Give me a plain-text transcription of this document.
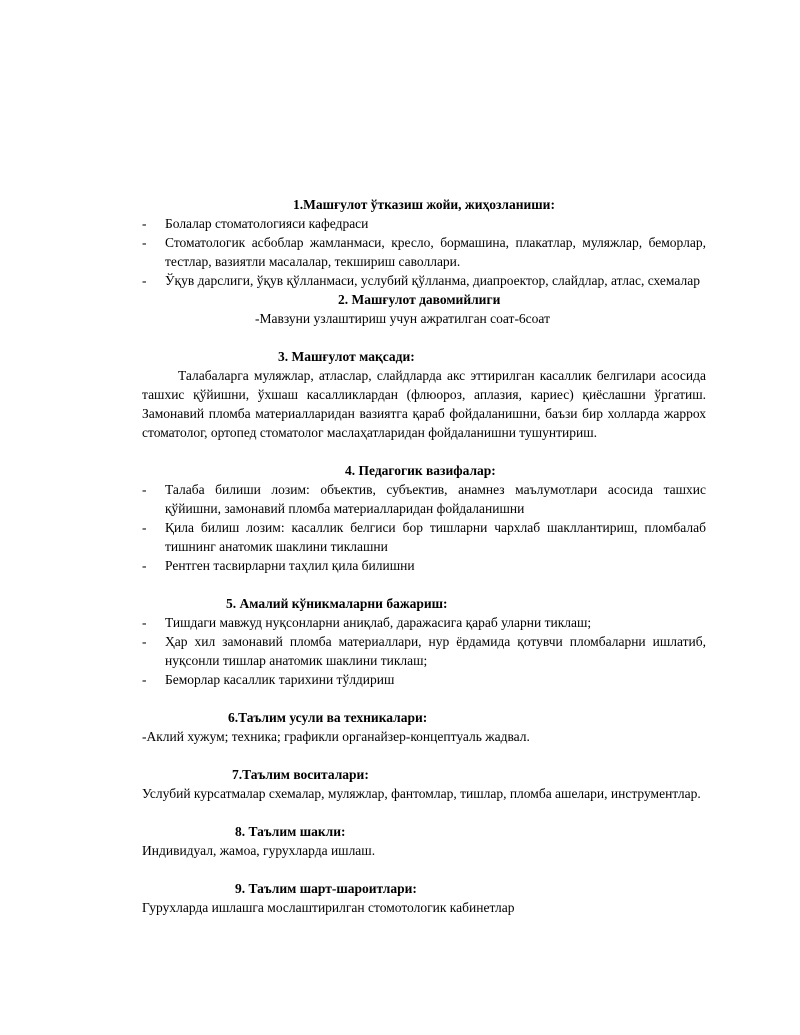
1.Машғулот ўтказиш жойи, жиҳозланиши:

- Болалар стоматологияси кафедраси
- Стоматологик асбоблар жамланмаси, кресло, бормашина, плакатлар, муляжлар, беморлар, тестлар, вазиятли масалалар, текшириш саволлари.
- Ўқув дарслиги, ўқув қўлланмаси, услубий қўлланма, диапроектор, слайдлар, атлас, схемалар

2. Машғулот давомийлиги

-Мавзуни узлаштириш учун ажратилган соат-6соат

3. Машғулот мақсади:

Талабаларга муляжлар, атласлар, слайдларда акс эттирилган касаллик белгилари асосида ташхис қўйишни, ўхшаш касалликлардан (флюороз, аплазия, кариес) қиёслашни ўргатиш. Замонавий пломба материалларидан вазиятга қараб фойдаланишни, баъзи бир холларда жаррох стоматолог, ортопед стоматолог маслаҳатларидан фойдаланишни тушунтириш.

4. Педагогик вазифалар:

- Талаба билиши лозим: объектив, субъектив, анамнез маълумотлари асосида ташхис қўйишни, замонавий пломба материалларидан фойдаланишни
- Қила билиш лозим: касаллик белгиси бор тишларни чархлаб шакллантириш, пломбалаб тишнинг анатомик шаклини тиклашни
- Рентген тасвирларни таҳлил қила билишни

5. Амалий кўникмаларни бажариш:

- Тишдаги мавжуд нуқсонларни аниқлаб, даражасига қараб уларни тиклаш;
- Ҳар хил замонавий пломба материаллари, нур ёрдамида қотувчи пломбаларни ишлатиб, нуқсонли тишлар анатомик шаклини тиклаш;
- Беморлар касаллик тарихини тўлдириш

6.Таълим усули ва техникалари:

-Аклий хужум; техника; графикли органайзер-концептуаль жадвал.

7.Таълим воситалари:

Услубий курсатмалар схемалар, муляжлар, фантомлар, тишлар, пломба ашелари, инструментлар.

8. Таълим шакли:

Индивидуал, жамоа, гурухларда ишлаш.

9. Таълим шарт-шароитлари:

Гурухларда ишлашга мослаштирилган стомотологик кабинетлар
